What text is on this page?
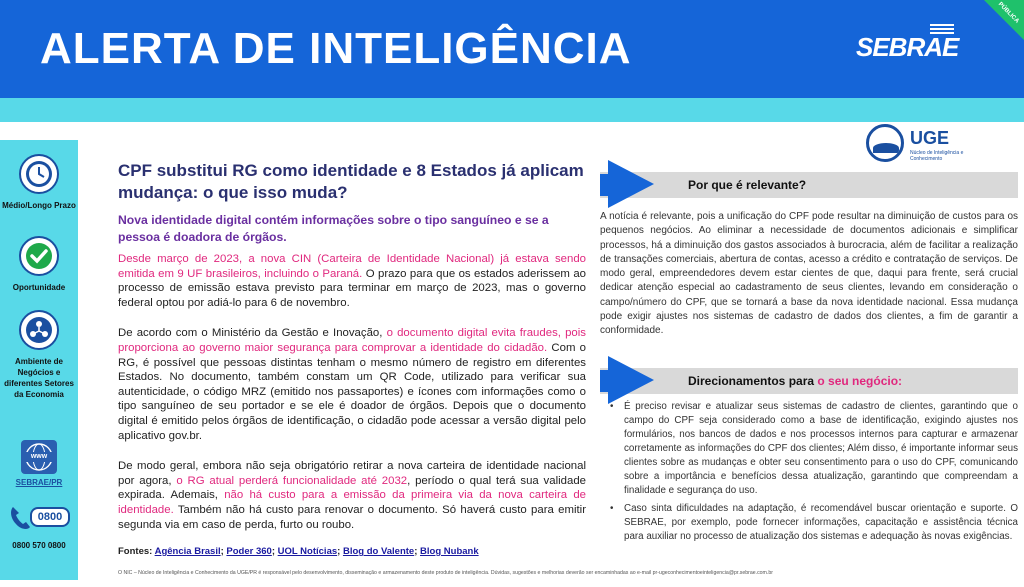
ALERTA DE INTELIGÊNCIA	SEBRAE
PÚBLICA
Médio/Longo Prazo
Oportunidade
Ambiente de Negócios e diferentes Setores da Economia
www
SEBRAE/PR
0800
0800 570 0800
UGE
Núcleo de Inteligência e Conhecimento
CPF substitui RG como identidade e 8 Estados já aplicam mudança: o que isso muda?
Nova identidade digital contém informações sobre o tipo sanguíneo e se a pessoa é doadora de órgãos.

Desde março de 2023, a nova CIN (Carteira de Identidade Nacional) já estava sendo emitida em 9 UF brasileiros, incluindo o Paraná. O prazo para que os estados aderissem ao processo de emissão estava previsto para terminar em março de 2023, mas o governo federal optou por adiá-lo para 6 de novembro.

De acordo com o Ministério da Gestão e Inovação, o documento digital evita fraudes, pois proporciona ao governo maior segurança para comprovar a identidade do cidadão. Com o RG, é possível que pessoas distintas tenham o mesmo número de registro em diferentes Estados. No documento, também constam um QR Code, utilizado para verificar sua autenticidade, o código MRZ (emitido nos passaportes) e ícones com informações como o tipo sanguíneo de seu portador e se ele é doador de órgãos. Depois que o documento digital é emitido pelos órgãos de identificação, o cidadão pode acessar a versão digital pelo aplicativo gov.br.

De modo geral, embora não seja obrigatório retirar a nova carteira de identidade nacional por agora, o RG atual perderá funcionalidade até 2032, período o qual terá sua validade expirada. Ademais, não há custo para a emissão da primeira via da nova carteira de identidade. Também não há custo para renovar o documento. Só haverá custo para emitir segunda via em caso de perda, furto ou roubo.

Fontes: Agência Brasil; Poder 360; UOL Notícias; Blog do Valente; Blog Nubank
O NIC – Núcleo de Inteligência e Conhecimento da UGE/PR é responsável pelo desenvolvimento, disseminação e armazenamento deste produto de inteligência. Dúvidas, sugestões e melhorias deverão ser encaminhadas ao e-mail pr-ugeconhecimentoeinteligencia@pr.sebrae.com.br
Por que é relevante?
A notícia é relevante, pois a unificação do CPF pode resultar na diminuição de custos para os pequenos negócios. Ao eliminar a necessidade de documentos adicionais e simplificar processos, há a diminuição dos gastos associados à burocracia, além de facilitar a realização de transações comerciais, abertura de contas, acesso a crédito e contratação de serviços. De modo geral, empreendedores devem estar cientes de que, daqui para frente, será crucial dedicar atenção especial ao cadastramento de seus clientes, levando em consideração o campo/número do CPF, que se tornará a base da nova identidade nacional. Essa mudança pode exigir ajustes nos sistemas de cadastro de dados dos clientes, a fim de garantir a conformidade.
Direcionamentos para o seu negócio:
• É preciso revisar e atualizar seus sistemas de cadastro de clientes, garantindo que o campo do CPF seja considerado como a base de identificação, exigindo ajustes nos formulários, nos bancos de dados e nos processos internos para capturar e armazenar corretamente as informações do CPF dos clientes; Além disso, é importante informar seus clientes sobre as mudanças e obter seu consentimento para o uso do CPF, comunicando sobre a importância e benefícios dessa atualização, garantindo que compreendam a finalidade e segurança do uso.
• Caso sinta dificuldades na adaptação, é recomendável buscar orientação e suporte. O SEBRAE, por exemplo, pode fornecer informações, capacitação e assistência técnica para auxiliar no processo de atualização dos sistemas e adequação às novas exigências.
